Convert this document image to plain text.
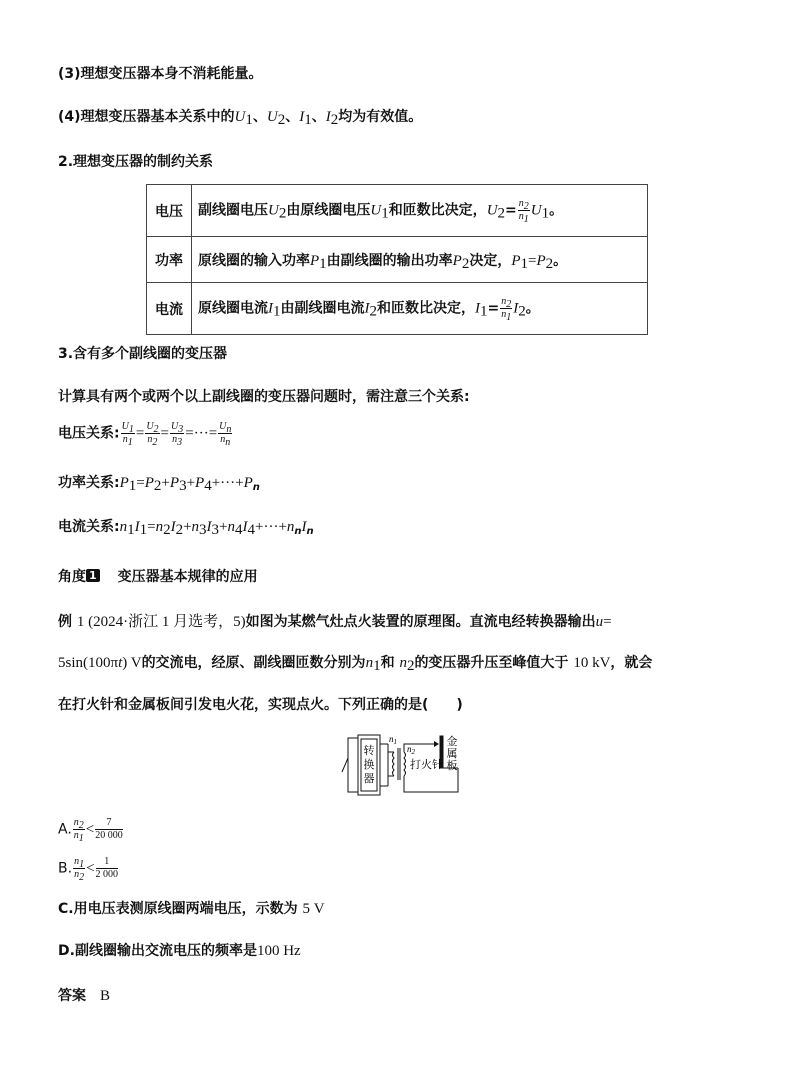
(3)理想变压器本身不消耗能量。
(4)理想变压器基本关系中的$U_1$、$U_2$、$I_1$、$I_2$均为有效值。
2.理想变压器的制约关系
电压	副线圈电压$U_2$由原线圈电压$U_1$和匝数比决定，$U_2= \frac{n_2}{n_1} U_1$。
功率	原线圈的输入功率$P_1$由副线圈的输出功率$P_2$决定，$P_1=P_2$。
电流	原线圈电流$I_1$由副线圈电流$I_2$和匝数比决定，$I_1= \frac{n_2}{n_1} I_2$。
3.含有多个副线圈的变压器
计算具有两个或两个以上副线圈的变压器问题时，需注意三个关系:
电压关系: $\frac{U_1}{n_1} = \frac{U_2}{n_2} = \frac{U_3}{n_3}$ =···= $\frac{U_n}{n_n}$
功率关系$:P_1=P_2+P_3+P_4+\cdot\cdot\cdot+P_n$
电流关系$:n_1I_1=n_2I_2+n_3I_3+n_4I_4+\cdot\cdot\cdot+n_nI_n$
角度 1 变压器基本规律的应用
例 1 (2024·浙江 1 月选考，5)如图为某燃气灶点火装置的原理图。直流电经转换器输出u=
5sin(100πt) V的交流电，经原、副线圈匝数分别为$n_1$和 $n_2$的变压器升压至峰值大于 10 kV，就会
在打火针和金属板间引发电火花，实现点火。下列正确的是(　　)
转
换
器
$n_1$
$n_2$
打火针
金
属
板
A. $\frac{n_2}{n_1} < \frac{7}{20 000}$
B. $\frac{n_1}{n_2} < \frac{1}{2 000}$
C.用电压表测原线圈两端电压，示数为 5 V
D.副线圈输出交流电压的频率是100 Hz
答案 B
